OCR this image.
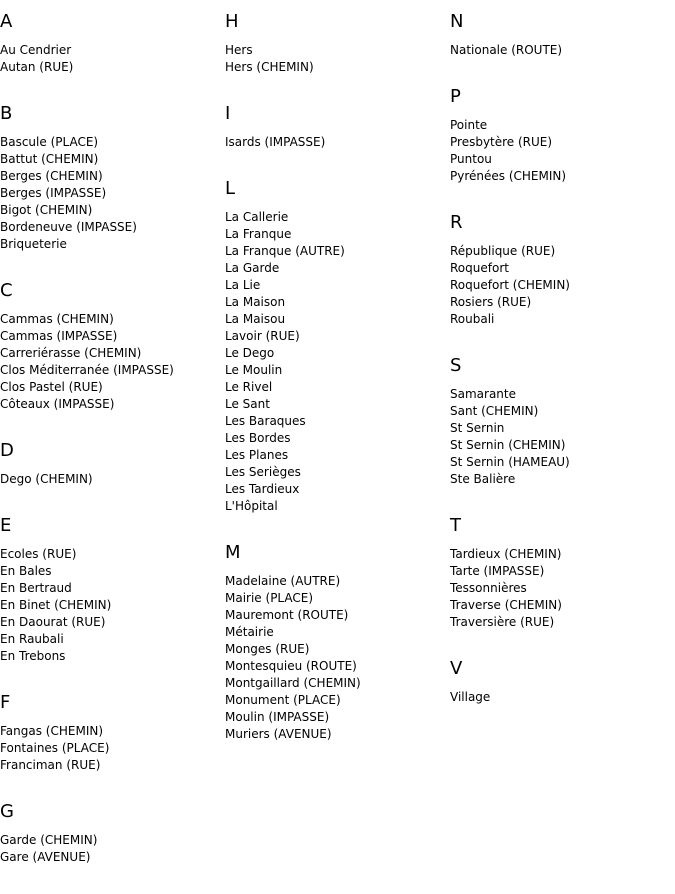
A
Au Cendrier
Autan (RUE)
B
Bascule (PLACE)
Battut (CHEMIN)
Berges (CHEMIN)
Berges (IMPASSE)
Bigot (CHEMIN)
Bordeneuve (IMPASSE)
Briqueterie
C
Cammas (CHEMIN)
Cammas (IMPASSE)
Carreriérasse (CHEMIN)
Clos Méditerranée (IMPASSE)
Clos Pastel (RUE)
Côteaux (IMPASSE)
D
Dego (CHEMIN)
E
Ecoles (RUE)
En Bales
En Bertraud
En Binet (CHEMIN)
En Daourat (RUE)
En Raubali
En Trebons
F
Fangas (CHEMIN)
Fontaines (PLACE)
Franciman (RUE)
G
Garde (CHEMIN)
Gare (AVENUE)
H
Hers
Hers (CHEMIN)
I
Isards (IMPASSE)
L
La Callerie
La Franque
La Franque (AUTRE)
La Garde
La Lie
La Maison
La Maisou
Lavoir (RUE)
Le Dego
Le Moulin
Le Rivel
Le Sant
Les Baraques
Les Bordes
Les Planes
Les Serièges
Les Tardieux
L'Hôpital
M
Madelaine (AUTRE)
Mairie (PLACE)
Mauremont (ROUTE)
Métairie
Monges (RUE)
Montesquieu (ROUTE)
Montgaillard (CHEMIN)
Monument (PLACE)
Moulin (IMPASSE)
Muriers (AVENUE)
N
Nationale (ROUTE)
P
Pointe
Presbytère (RUE)
Puntou
Pyrénées (CHEMIN)
R
République (RUE)
Roquefort
Roquefort (CHEMIN)
Rosiers (RUE)
Roubali
S
Samarante
Sant (CHEMIN)
St Sernin
St Sernin (CHEMIN)
St Sernin (HAMEAU)
Ste Balière
T
Tardieux (CHEMIN)
Tarte (IMPASSE)
Tessonnières
Traverse (CHEMIN)
Traversière (RUE)
V
Village
